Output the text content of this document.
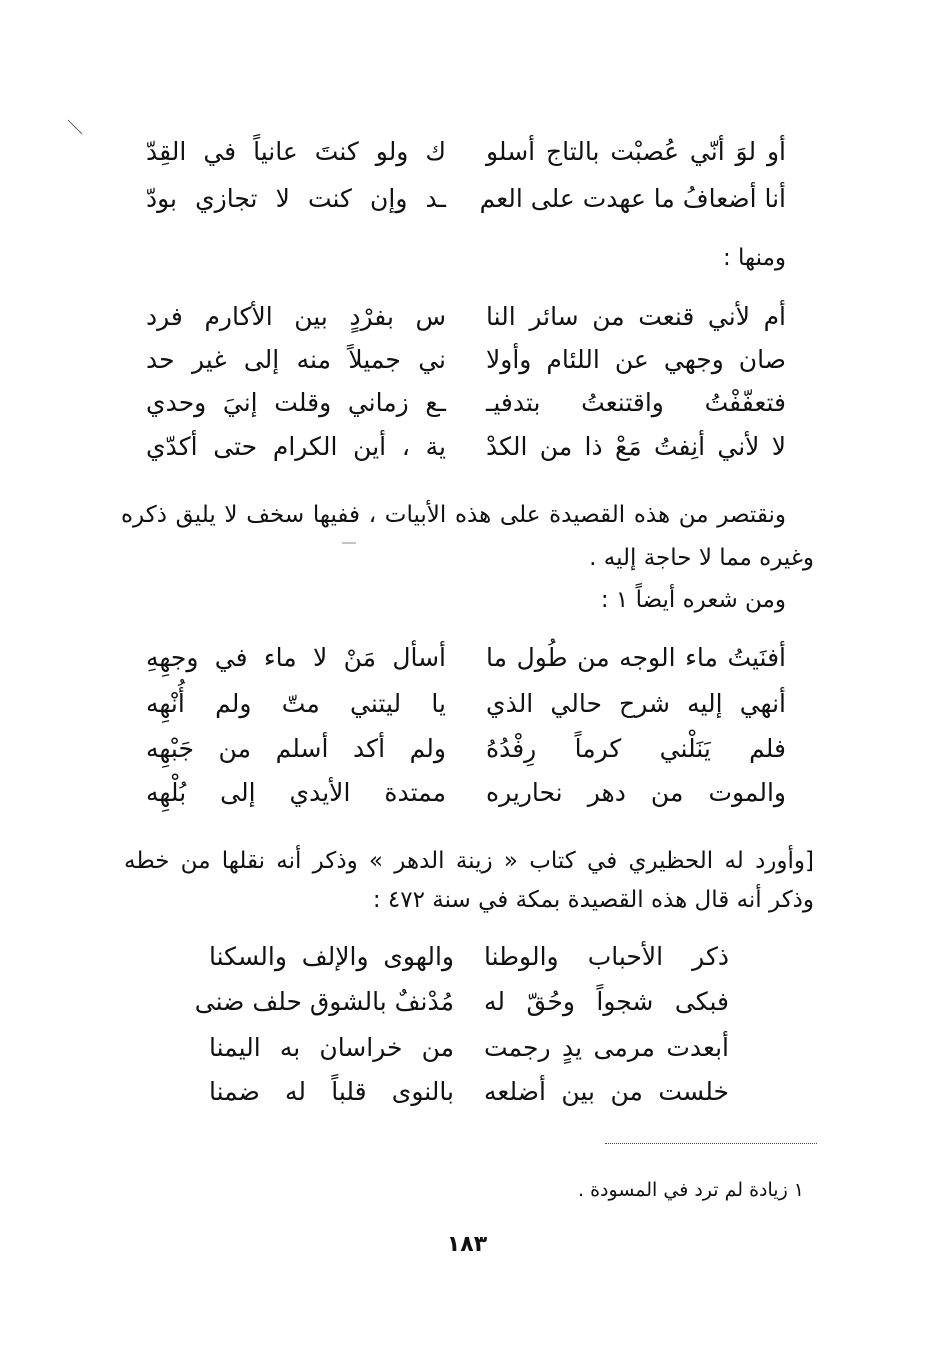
أو لوَ أنّي عُصبْت بالتاج أسلو
ك ولو كنتَ عانياً في القِدّ
أنا أضعافُ ما عهدت على العم
ـد وإن كنت لا تجازي بودّ
ومنها :
أم لأني قنعت من سائر النا
س بفرْدٍ بين الأكارم فرد
صان وجهي عن اللئام وأولا
ني جميلاً منه إلى غير حد
فتعفّفْتُ واقتنعتُ بتدفيـ
ـع زماني وقلت إنيَ وحدي
لا لأني أنِفتُ مَعْ ذا من الكدْ
ية ، أين الكرام حتى أكدّي
ونقتصر من هذه القصيدة على هذه الأبيات ، ففيها سخف لا يليق ذكره
وغيره مما لا حاجة إليه .
ومن شعره أيضاً ١ :
أفنَيتُ ماء الوجه من طُول ما
أسأل مَنْ لا ماء في وجهِهِ
أنهي إليه شرح حالي الذي
يا ليتني متّ ولم أُنْهِه
فلم يَنَلْني كرماً رِفْدُهُ
ولم أكد أسلم من جَبْهِه
والموت من دهر نحاريره
ممتدة الأيدي إلى بُلْهِه
[وأورد له الحظيري في كتاب « زينة الدهر » وذكر أنه نقلها من خطه
وذكر أنه قال هذه القصيدة بمكة في سنة ٤٧٢ :
ذكر الأحباب والوطنا
والهوى والإلف والسكنا
فبكى شجواً وحُقّ له
مُدْنفٌ بالشوق حلف ضنى
أبعدت مرمى يدٍ رجمت
من خراسان به اليمنا
خلست من بين أضلعه
بالنوى قلباً له ضمنا
١ زيادة لم ترد في المسودة .
١٨٣
